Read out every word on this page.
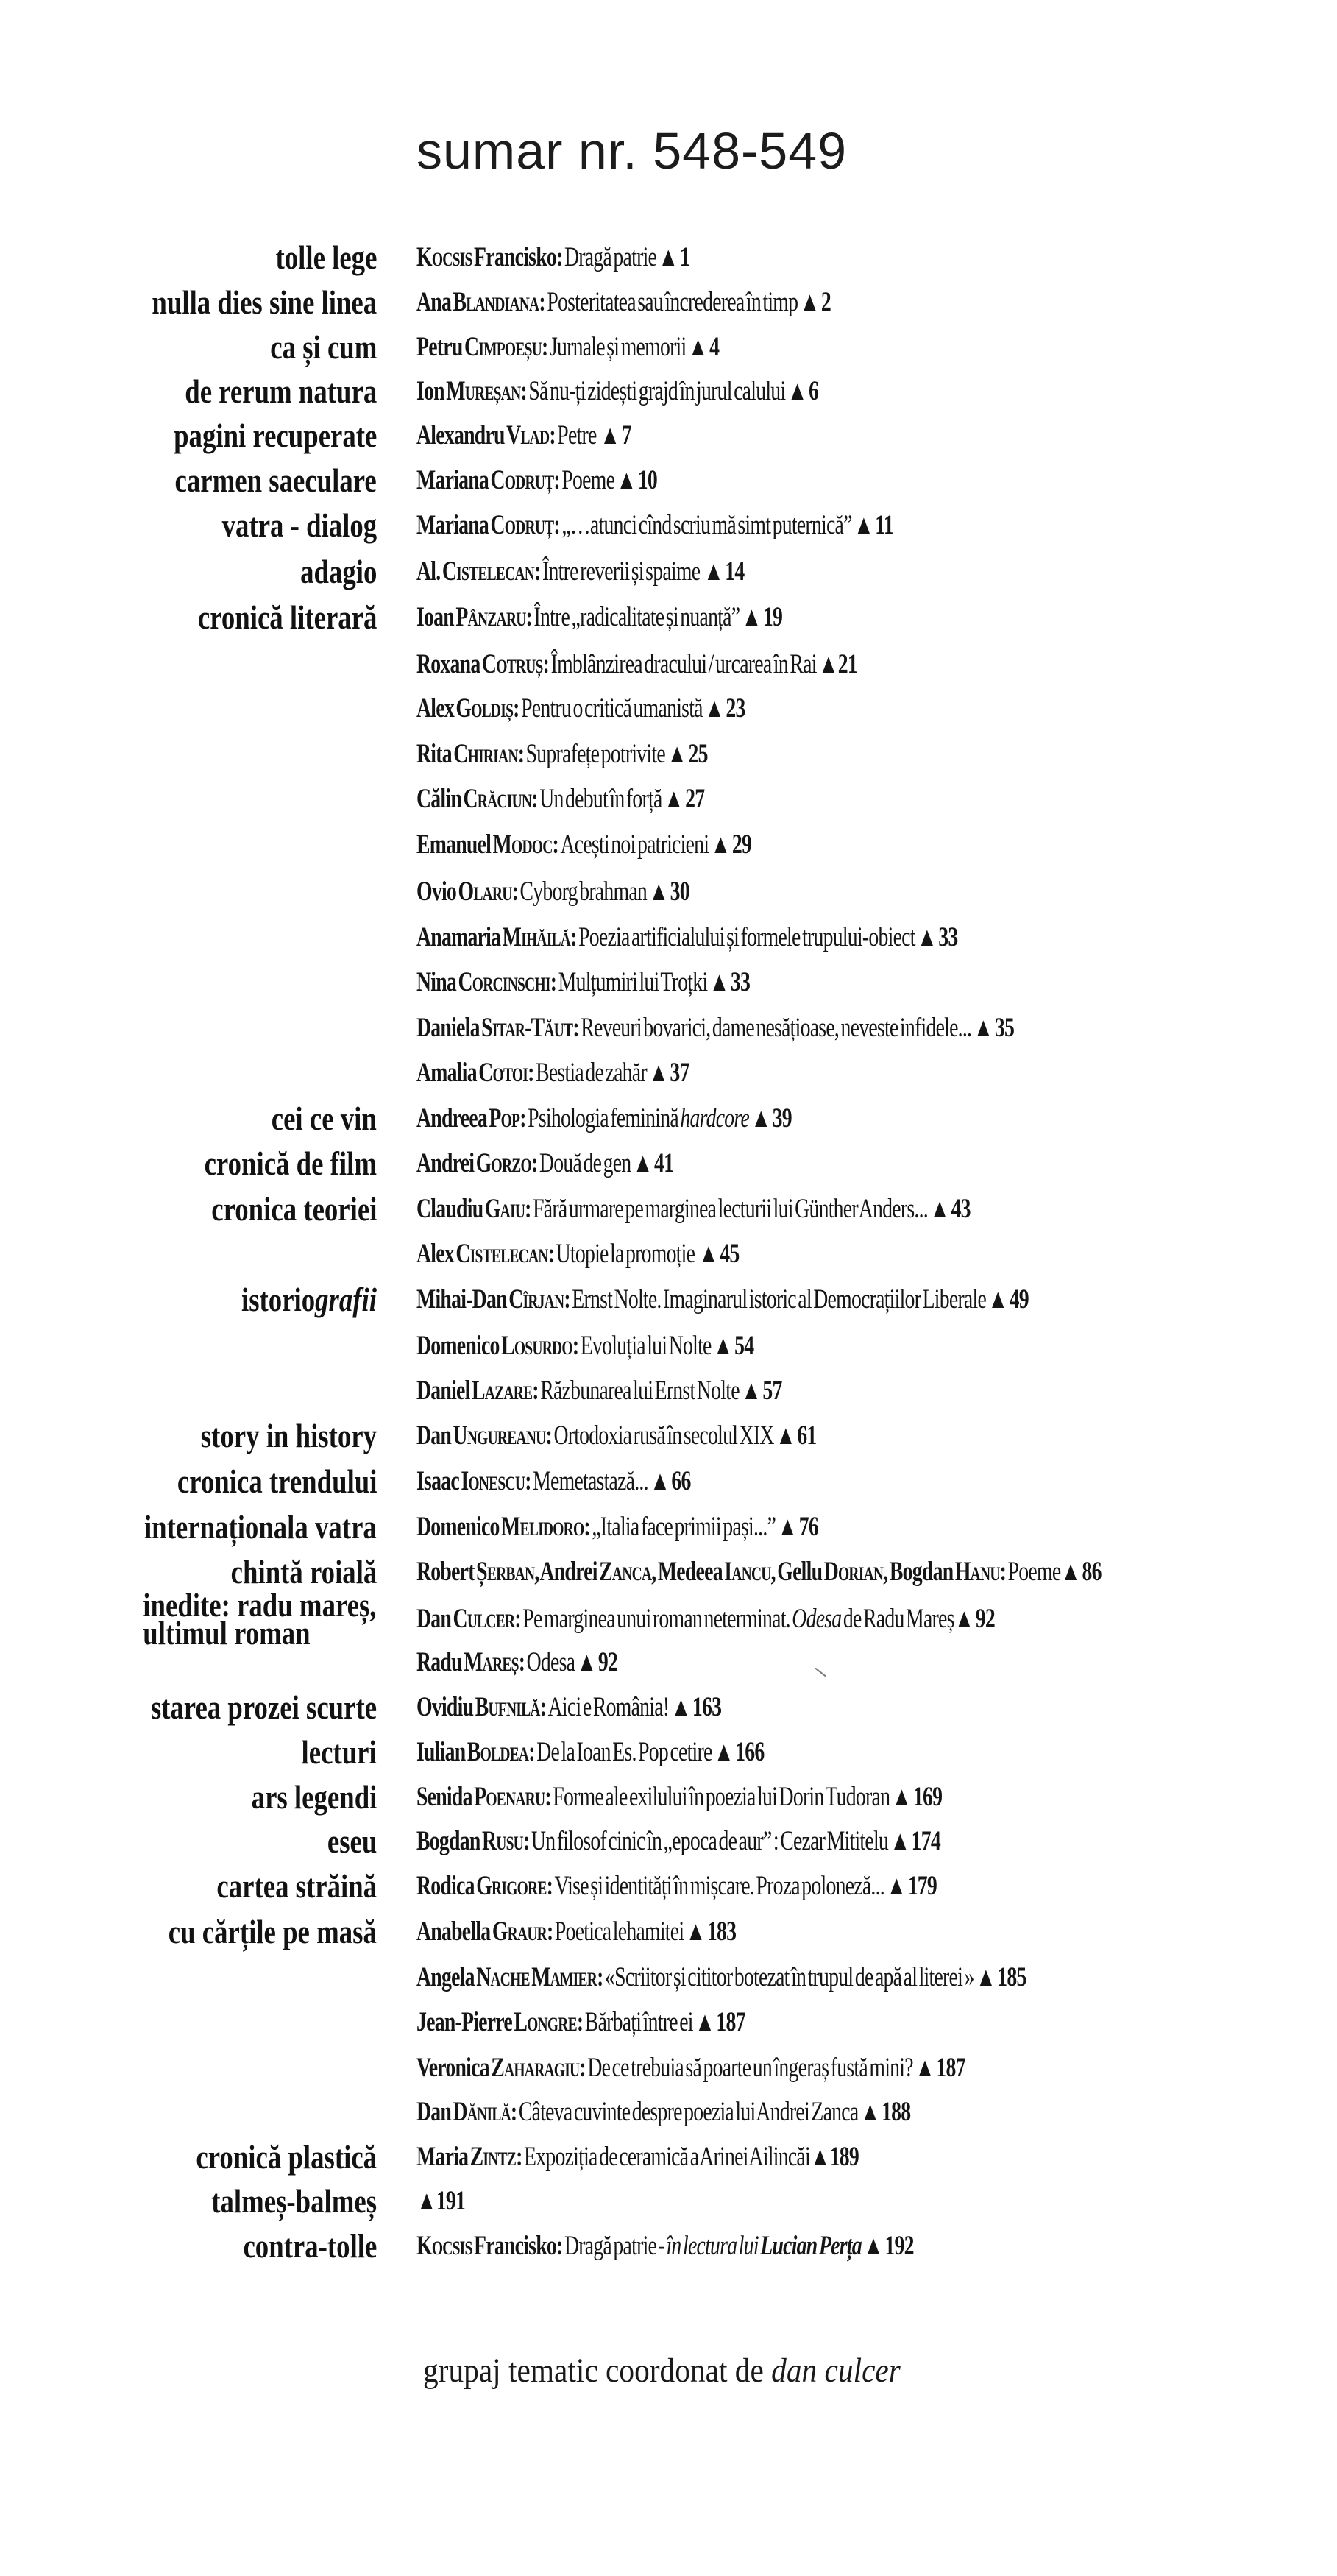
sumar nr. 548-549
tolle lege Kocsis Francisko: Dragă patrie ▲ 1
nulla dies sine linea Ana Blandiana: Posteritatea sau încrederea în timp ▲ 2
ca și cum Petru Cimpoeșu: Jurnale și memorii ▲ 4
de rerum natura Ion Mureșan: Să nu-ți zidești grajd în jurul calului ▲ 6
pagini recuperate Alexandru Vlad: Petre  ▲ 7
carmen saeculare Mariana Codruț: Poeme ▲ 10
vatra - dialog Mariana Codruț: „…atunci cînd scriu mă simt puternică” ▲ 11
adagio Al. Cistelecan: Între reverii și spaime  ▲ 14
cronică literară Ioan Pânzaru: Între „radicalitate și nuanță” ▲ 19
Roxana Cotruș: Îmblânzirea dracului / urcarea în Rai ▲21
Alex Goldiș: Pentru o critică umanistă ▲ 23
Rita Chirian: Suprafețe potrivite ▲ 25
Călin Crăciun: Un debut în forță ▲ 27
Emanuel Modoc: Acești noi patricieni ▲ 29
Ovio Olaru: Cyborg brahman ▲ 30
Anamaria Mihăilă: Poezia artificialului și formele trupului-obiect ▲ 33
Nina Corcinschi: Mulțumiri lui Troțki ▲ 33
Daniela Sitar-Tăut: Reveuri bovarici, dame nesățioase, neveste infidele... ▲ 35
Amalia Cotoi: Bestia de zahăr ▲ 37
cei ce vin Andreea Pop: Psihologia feminină hardcore ▲ 39
cronică de film Andrei Gorzo: Două de gen ▲ 41
cronica teoriei Claudiu Gaiu: Fără urmare pe marginea lecturii lui Günther Anders... ▲ 43
Alex Cistelecan: Utopie la promoție  ▲ 45
istoriografii Mihai-Dan Cîrjan: Ernst Nolte. Imaginarul istoric al Democrațiilor Liberale ▲ 49
Domenico Losurdo: Evoluția lui Nolte ▲ 54
Daniel Lazare: Răzbunarea lui Ernst Nolte ▲ 57
story in history Dan Ungureanu: Ortodoxia rusă în secolul XIX ▲ 61
cronica trendului Isaac Ionescu: Memetastază... ▲ 66
internaționala vatra Domenico Melidoro: „Italia face primii pași...” ▲ 76
chintă roială Robert Șerban, Andrei Zanca, Medeea Iancu, Gellu Dorian, Bogdan Hanu: Poeme▲ 86
inedite: radu mareș,
ultimul roman	Dan Culcer: Pe marginea unui roman neterminat. Odesa de Radu Mareș▲ 92
Radu Mareș: Odesa ▲ 92
starea prozei scurte Ovidiu Bufnilă: Aici e România! ▲ 163
lecturi Iulian Boldea: De la Ioan Es. Pop cetire ▲ 166
ars legendi Senida Poenaru: Forme ale exilului în poezia lui Dorin Tudoran ▲ 169
eseu Bogdan Rusu: Un filosof cinic în „epoca de aur” : Cezar Mititelu ▲ 174
cartea străină Rodica Grigore: Vise și identități în mișcare. Proza poloneză... ▲ 179
cu cărțile pe masă Anabella Graur: Poetica lehamitei ▲ 183
Angela Nache Mamier: «Scriitor și cititor botezat în trupul de apă al literei » ▲ 185
Jean-Pierre Longre: Bărbați între ei ▲ 187
Veronica Zaharagiu: De ce trebuia să poarte un îngeraș fustă mini? ▲ 187
Dan Dănilă: Câteva cuvinte despre poezia lui Andrei Zanca ▲ 188
cronică plastică Maria Zintz: Expoziția de ceramică a Arinei Ailincăi▲189
talmeș-balmeș ▲191
contra-tolle Kocsis Francisko: Dragă patrie - în lectura lui Lucian Perța ▲ 192
grupaj tematic coordonat de dan culcer
